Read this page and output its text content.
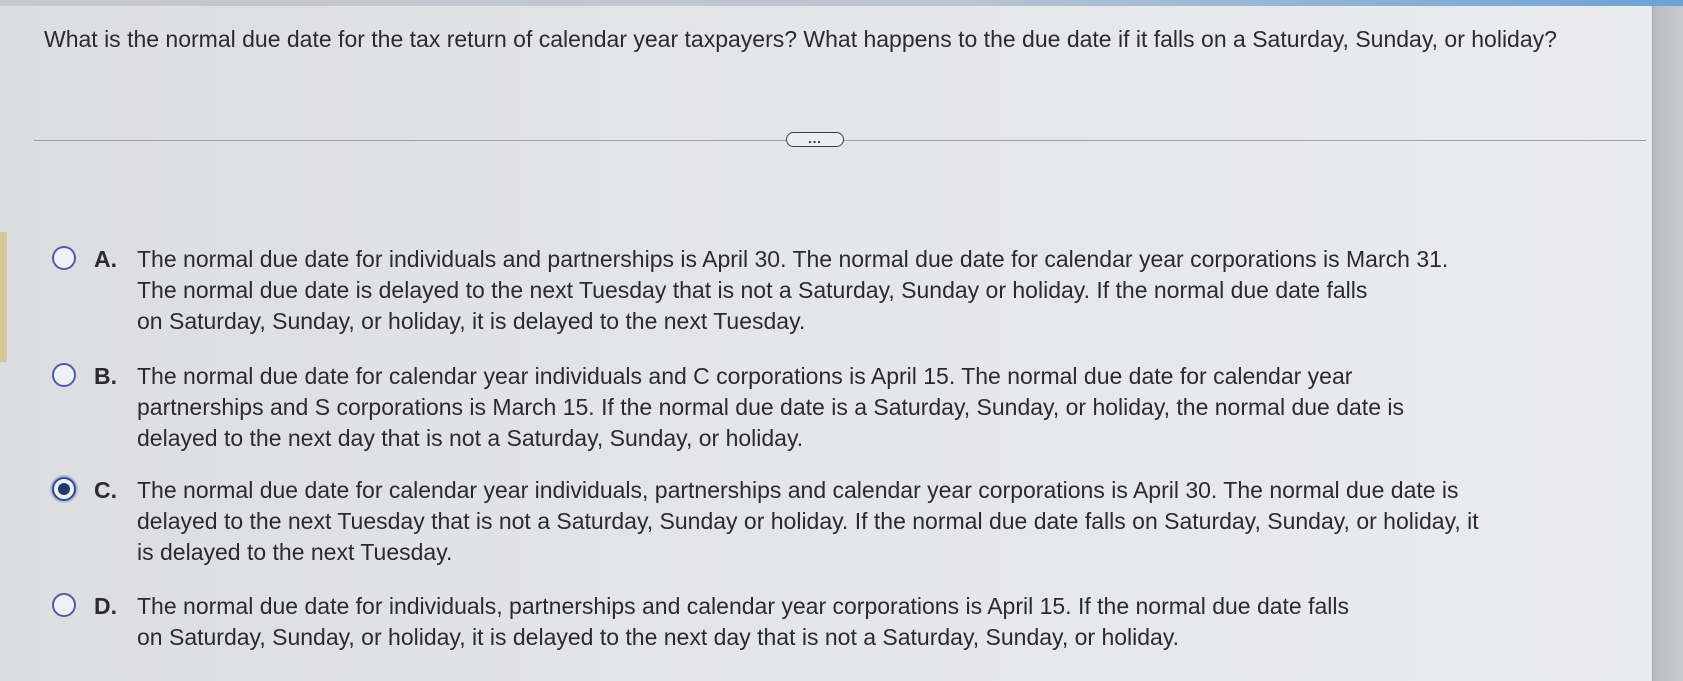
What is the normal due date for the tax return of calendar year taxpayers? What happens to the due date if it falls on a Saturday, Sunday, or holiday?

...
A. The normal due date for individuals and partnerships is April 30. The normal due date for calendar year corporations is March 31.
The normal due date is delayed to the next Tuesday that is not a Saturday, Sunday or holiday. If the normal due date falls
on Saturday, Sunday, or holiday, it is delayed to the next Tuesday.
B. The normal due date for calendar year individuals and C corporations is April 15. The normal due date for calendar year
partnerships and S corporations is March 15. If the normal due date is a Saturday, Sunday, or holiday, the normal due date is
delayed to the next day that is not a Saturday, Sunday, or holiday.
C. The normal due date for calendar year individuals, partnerships and calendar year corporations is April 30. The normal due date is
delayed to the next Tuesday that is not a Saturday, Sunday or holiday. If the normal due date falls on Saturday, Sunday, or holiday, it
is delayed to the next Tuesday.
D. The normal due date for individuals, partnerships and calendar year corporations is April 15. If the normal due date falls
on Saturday, Sunday, or holiday, it is delayed to the next day that is not a Saturday, Sunday, or holiday.
